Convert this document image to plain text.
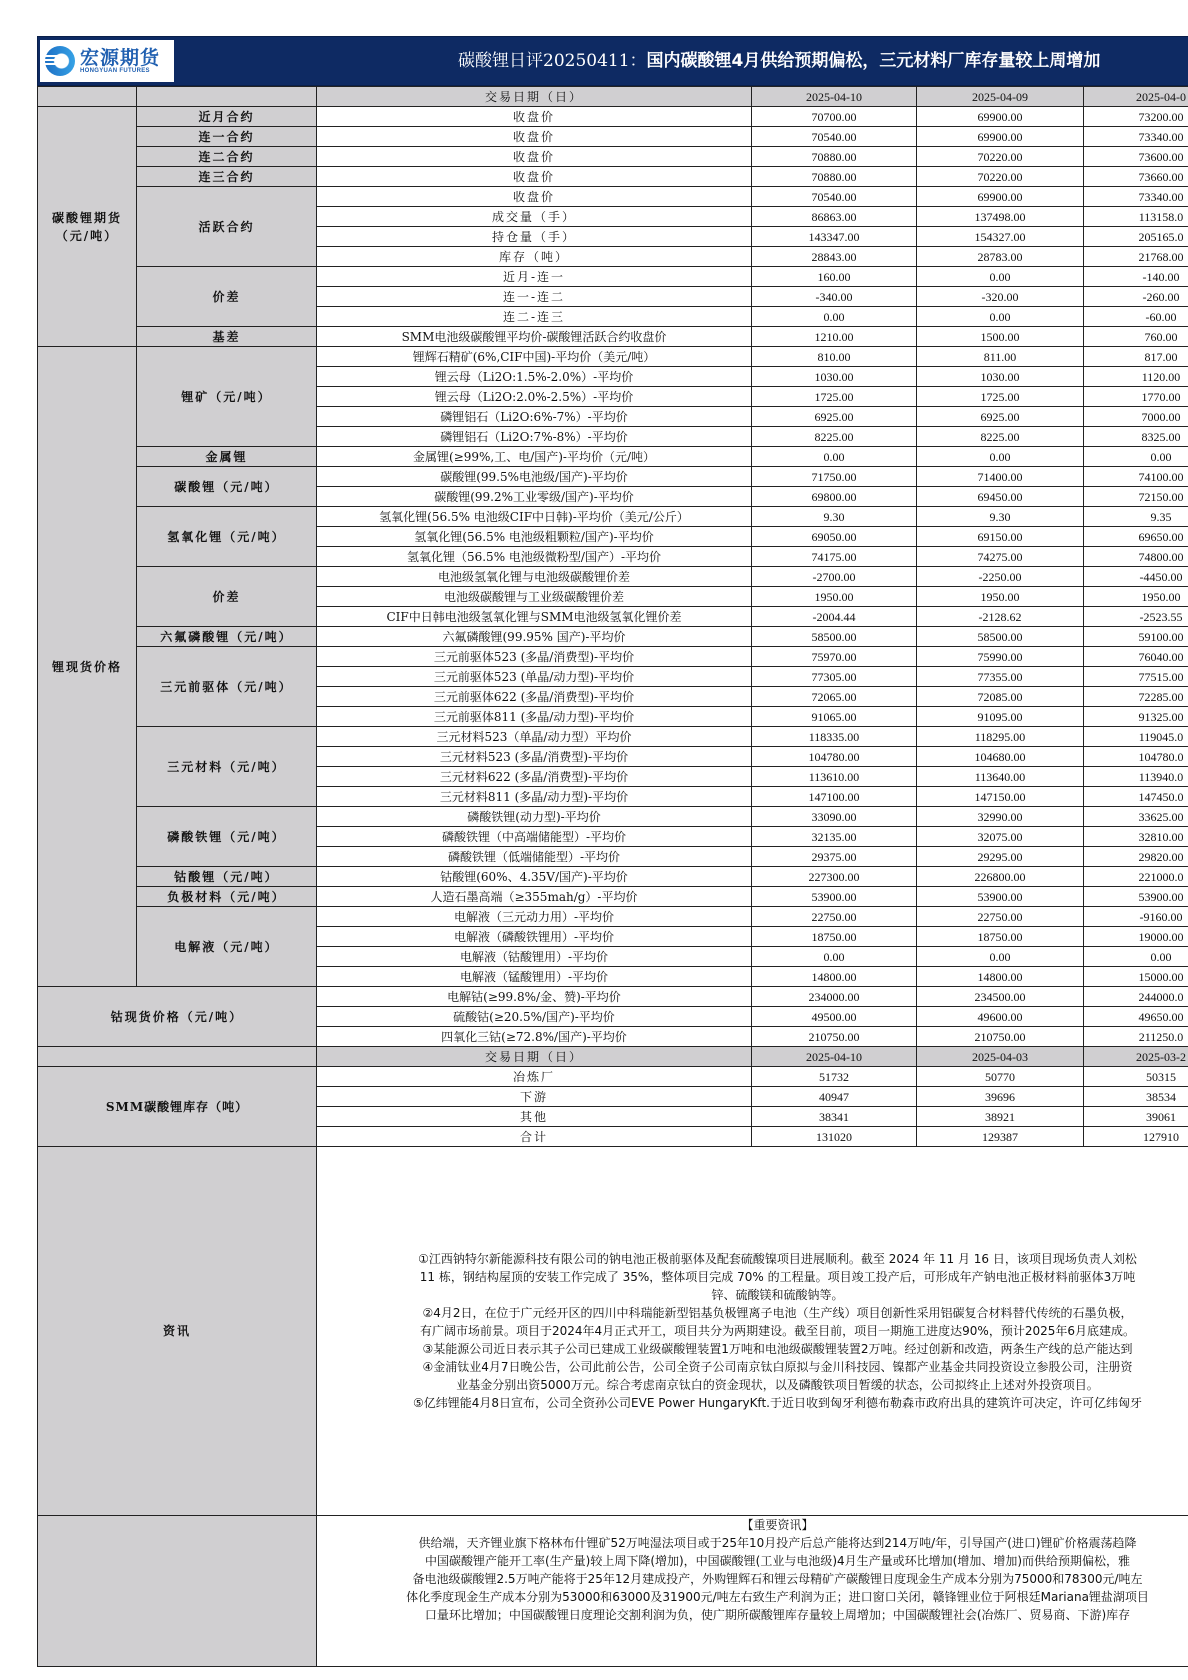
宏源期货
HONGYUAN FUTURES	碳酸锂日评20250411：国内碳酸锂4月供给预期偏松，三元材料厂库存量较上周增加
		交易日期（日）	2025-04-10	2025-04-09	2025-04-0
碳酸锂期货
（元/吨）	近月合约	收盘价	70700.00	69900.00	73200.00
	连一合约	收盘价	70540.00	69900.00	73340.00
	连二合约	收盘价	70880.00	70220.00	73600.00
	连三合约	收盘价	70880.00	70220.00	73660.00
	活跃合约	收盘价	70540.00	69900.00	73340.00
		成交量（手）	86863.00	137498.00	113158.0
		持仓量（手）	143347.00	154327.00	205165.0
		库存（吨）	28843.00	28783.00	21768.00
	价差	近月-连一	160.00	0.00	-140.00
		连一-连二	-340.00	-320.00	-260.00
		连二-连三	0.00	0.00	-60.00
	基差	SMM电池级碳酸锂平均价-碳酸锂活跃合约收盘价	1210.00	1500.00	760.00
锂现货价格	锂矿（元/吨）	锂辉石精矿(6%,CIF中国)-平均价（美元/吨）	810.00	811.00	817.00
		锂云母（Li2O:1.5%-2.0%）-平均价	1030.00	1030.00	1120.00
		锂云母（Li2O:2.0%-2.5%）-平均价	1725.00	1725.00	1770.00
		磷锂铝石（Li2O:6%-7%）-平均价	6925.00	6925.00	7000.00
		磷锂铝石（Li2O:7%-8%）-平均价	8225.00	8225.00	8325.00
	金属锂	金属锂(≥99%,工、电/国产)-平均价（元/吨）	0.00	0.00	0.00
	碳酸锂（元/吨）	碳酸锂(99.5%电池级/国产)-平均价	71750.00	71400.00	74100.00
		碳酸锂(99.2%工业零级/国产)-平均价	69800.00	69450.00	72150.00
	氢氧化锂（元/吨）	氢氧化锂(56.5% 电池级CIF中日韩)-平均价（美元/公斤）	9.30	9.30	9.35
		氢氧化锂(56.5% 电池级粗颗粒/国产)-平均价	69050.00	69150.00	69650.00
		氢氧化锂（56.5% 电池级微粉型/国产）-平均价	74175.00	74275.00	74800.00
	价差	电池级氢氧化锂与电池级碳酸锂价差	-2700.00	-2250.00	-4450.00
		电池级碳酸锂与工业级碳酸锂价差	1950.00	1950.00	1950.00
		CIF中日韩电池级氢氧化锂与SMM电池级氢氧化锂价差	-2004.44	-2128.62	-2523.55
	六氟磷酸锂（元/吨）	六氟磷酸锂(99.95% 国产)-平均价	58500.00	58500.00	59100.00
	三元前驱体（元/吨）	三元前驱体523 (多晶/消费型)-平均价	75970.00	75990.00	76040.00
		三元前驱体523 (单晶/动力型)-平均价	77305.00	77355.00	77515.00
		三元前驱体622 (多晶/消费型)-平均价	72065.00	72085.00	72285.00
		三元前驱体811 (多晶/动力型)-平均价	91065.00	91095.00	91325.00
	三元材料（元/吨）	三元材料523（单晶/动力型）平均价	118335.00	118295.00	119045.0
		三元材料523 (多晶/消费型)-平均价	104780.00	104680.00	104780.0
		三元材料622 (多晶/消费型)-平均价	113610.00	113640.00	113940.0
		三元材料811 (多晶/动力型)-平均价	147100.00	147150.00	147450.0
	磷酸铁锂（元/吨）	磷酸铁锂(动力型)-平均价	33090.00	32990.00	33625.00
		磷酸铁锂（中高端储能型）-平均价	32135.00	32075.00	32810.00
		磷酸铁锂（低端储能型）-平均价	29375.00	29295.00	29820.00
	钴酸锂（元/吨）	钴酸锂(60%、4.35V/国产)-平均价	227300.00	226800.00	221000.0
	负极材料（元/吨）	人造石墨高端（≥355mah/g）-平均价	53900.00	53900.00	53900.00
	电解液（元/吨）	电解液（三元动力用）-平均价	22750.00	22750.00	-9160.00
		电解液（磷酸铁锂用）-平均价	18750.00	18750.00	19000.00
		电解液（钴酸锂用）-平均价	0.00	0.00	0.00
		电解液（锰酸锂用）-平均价	14800.00	14800.00	15000.00
钴现货价格（元/吨）		电解钴(≥99.8%/金、赞)-平均价	234000.00	234500.00	244000.0
		硫酸钴(≥20.5%/国产)-平均价	49500.00	49600.00	49650.00
		四氧化三钴(≥72.8%/国产)-平均价	210750.00	210750.00	211250.0
		交易日期（日）	2025-04-10	2025-04-03	2025-03-2
SMM碳酸锂库存（吨）		冶炼厂	51732	50770	50315
		下游	40947	39696	38534
		其他	38341	38921	39061
		合计	131020	129387	127910
资讯	
①江西钠特尔新能源科技有限公司的钠电池正极前驱体及配套硫酸镍项目进展顺利。截至 2024 年 11 月 16 日，该项目现场负责人刘松
11 栋，钢结构屋顶的安装工作完成了 35%，整体项目完成 70% 的工程量。项目竣工投产后，可形成年产钠电池正极材料前驱体3万吨
锌、硫酸镁和硫酸钠等。
②4月2日，在位于广元经开区的四川中科瑞能新型铝基负极锂离子电池（生产线）项目创新性采用铝碳复合材料替代传统的石墨负极，
有广阔市场前景。项目于2024年4月正式开工，项目共分为两期建设。截至目前，项目一期施工进度达90%，预计2025年6月底建成。
③某能源公司近日表示其子公司已建成工业级碳酸锂装置1万吨和电池级碳酸锂装置2万吨。经过创新和改造，两条生产线的总产能达到
④金浦钛业4月7日晚公告，公司此前公告，公司全资子公司南京钛白原拟与金川科技园、镍都产业基金共同投资设立参股公司，注册资
业基金分别出资5000万元。综合考虑南京钛白的资金现状，以及磷酸铁项目暂缓的状态，公司拟终止上述对外投资项目。
⑤亿纬锂能4月8日宣布，公司全资孙公司EVE Power HungaryKft.于近日收到匈牙利德布勒森市政府出具的建筑许可决定，许可亿纬匈牙

【重要资讯】
供给端，天齐锂业旗下格林布什锂矿52万吨湿法项目或于25年10月投产后总产能将达到214万吨/年，引导国产(进口)锂矿价格震荡趋降
中国碳酸锂产能开工率(生产量)较上周下降(增加)，中国碳酸锂(工业与电池级)4月生产量或环比增加(增加、增加)而供给预期偏松，雅
备电池级碳酸锂2.5万吨产能将于25年12月建成投产，外购锂辉石和锂云母精矿产碳酸锂日度现金生产成本分别为75000和78300元/吨左
体化季度现金生产成本分别为53000和63000及31900元/吨左右致生产利润为正；进口窗口关闭，赣锋锂业位于阿根廷Mariana锂盐湖项目
口量环比增加；中国碳酸锂日度理论交割利润为负，使广期所碳酸锂库存量较上周增加；中国碳酸锂社会(冶炼厂、贸易商、下游)库存
